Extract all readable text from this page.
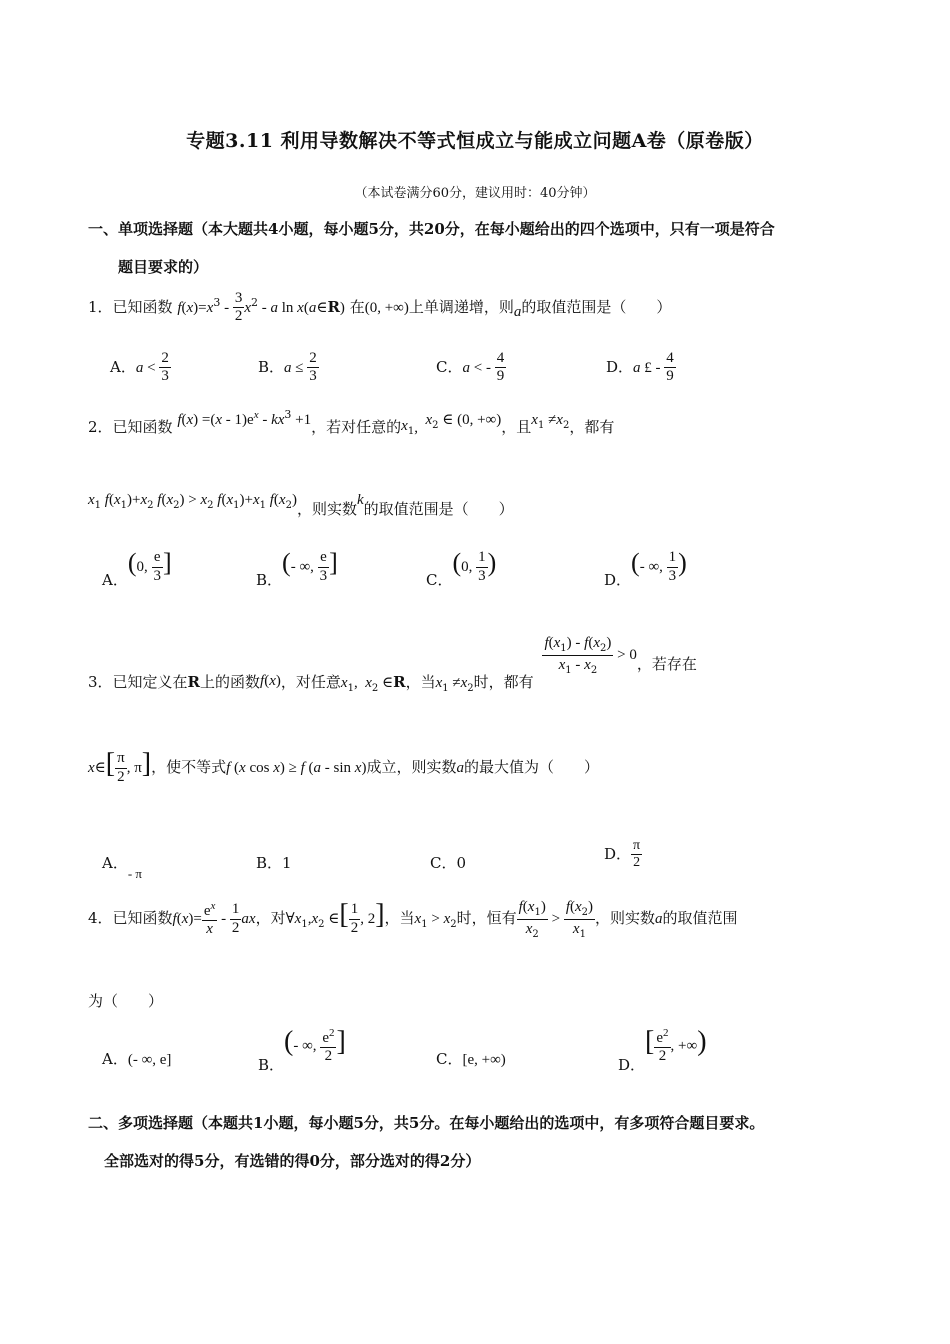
专题3.11 利用导数解决不等式恒成立与能成立问题A卷（原卷版）
（本试卷满分60分，建议用时：40分钟）
一、单项选择题（本大题共4小题，每小题5分，共20分，在每小题给出的四个选项中，只有一项是符合
题目要求的）
1．已知函数 $f(x)=x^3 - \frac{3}{2} x^2 - a$ ln x(a∈R) 在(0, +∞)上单调递增，则a的取值范围是（　　）
A．$a < \frac{2}{3}$	B．$a \le \frac{2}{3}$	C．a < - $\frac{4}{9}$	D．a £ - $\frac{4}{9}$
2．已知函数 $f(x) =(x - 1)e^x - kx^3 +1$，若对任意的$x_1$,  $x_2$ ∈ (0, +∞)，且$x_1 \ne x_2$，都有
$x_1$ $f(x_1)+x_2$ $f(x_2) > x_2$ $f(x_1)+x_1$ $f(x_2)$，则实数k的取值范围是（　　）
A．(0, $\frac{e}{3}$ ]
B．(- ∞, $\frac{e}{3}$ ]
C．(0, $\frac{1}{3}$ )
D．(- ∞, $\frac{1}{3}$ )
3．已知定义在R上的函数f(x)，对任意$x_1$,  $x_2$ ∈R，当$x_1 \ne x_2$时，都有
$\frac{f(x_1) - f(x_2)}{x_1 - x_2} > 0$，若存在
x∈[ $\frac{\pi}{2}$ , π]，使不等式f (x cos x) ≥ f (a - sin x)成立，则实数a的最大值为（　　）
A．- π
B．1	C．0
D． $\frac{\pi}{2}$
4．已知函数$f(x)= \frac{e^x}{x} - \frac{1}{2}$ ax，对$\forall x_1,x_2$ ∈[ $\frac{1}{2}$ , 2]，当$x_1 > x_2$时，恒有 $\frac{f(x_1)}{x_2} > \frac{f(x_2)}{x_1}$ ，则实数a的取值范围
为（　　）
A．(- ∞, e]	B．(- ∞, $\frac{e^2}{2}$ ]
C．[e, +∞)	D．[ $\frac{e^2}{2}$ , +∞)
二、多项选择题（本题共1小题，每小题5分，共5分。在每小题给出的选项中，有多项符合题目要求。
全部选对的得5分，有选错的得0分，部分选对的得2分）
